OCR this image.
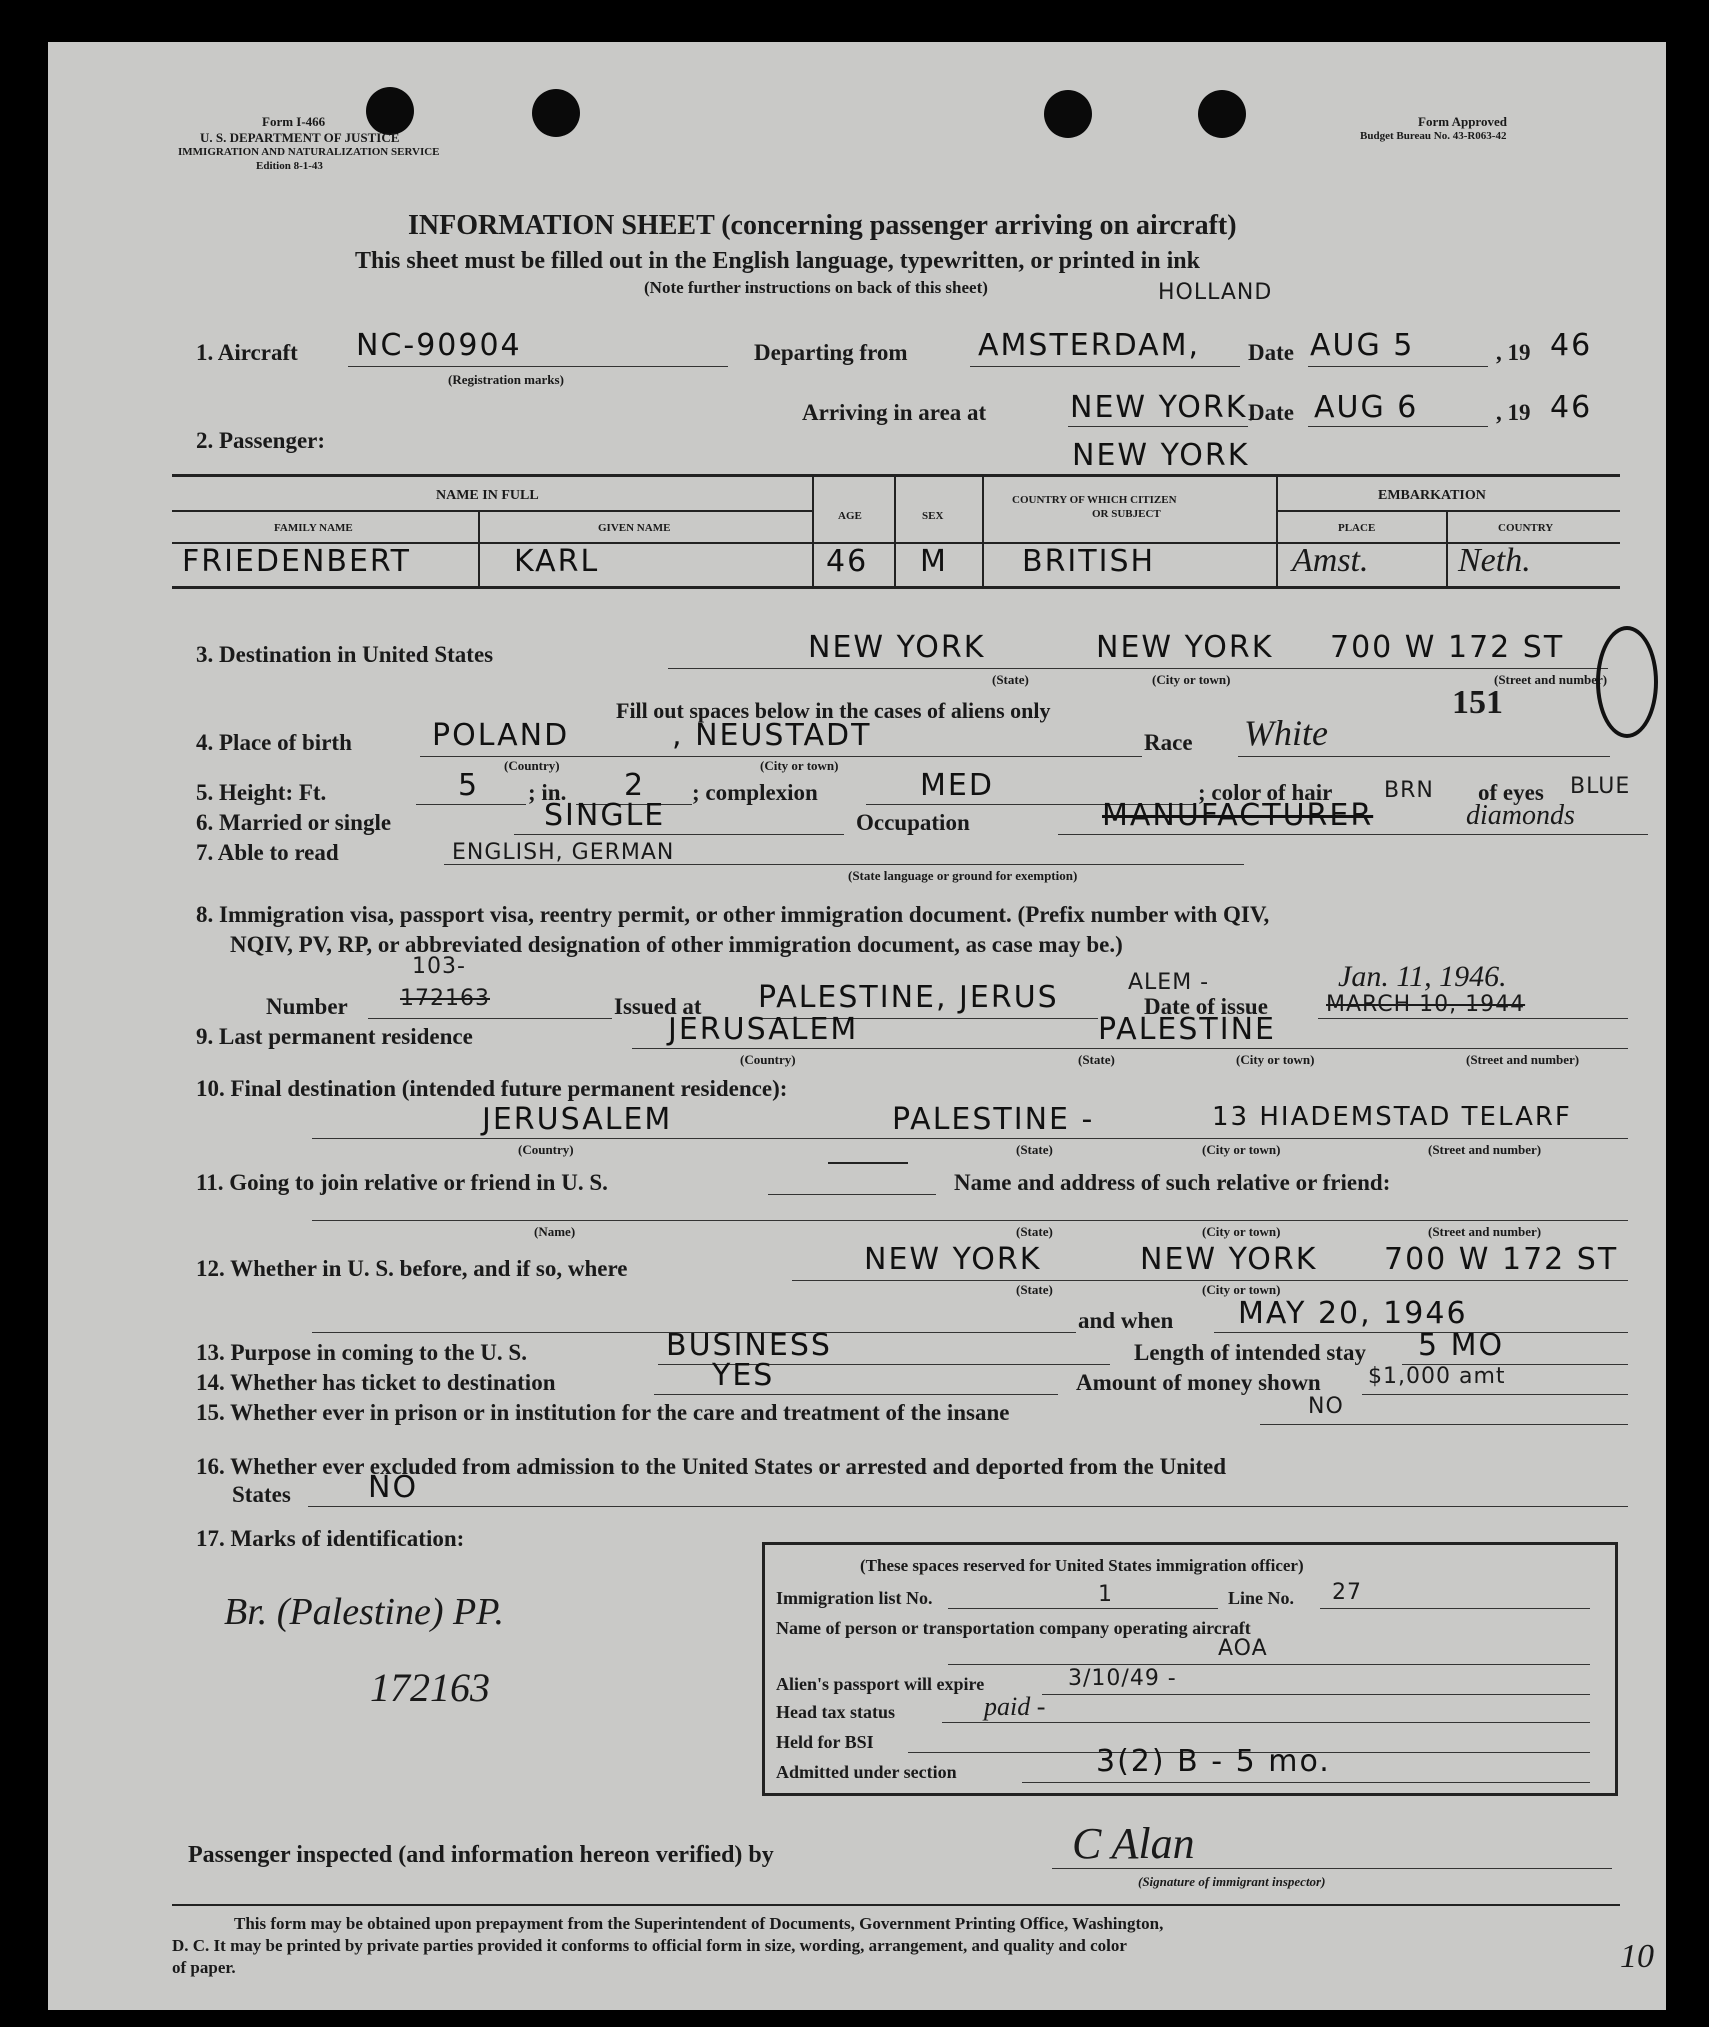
Form I-466
U. S. DEPARTMENT OF JUSTICE
IMMIGRATION AND NATURALIZATION SERVICE
Edition 8-1-43
Form Approved
Budget Bureau No. 43-R063-42
INFORMATION SHEET (concerning passenger arriving on aircraft)
This sheet must be filled out in the English language, typewritten, or printed in ink
(Note further instructions on back of this sheet)	HOLLAND
1. Aircraft NC-90904
(Registration marks)
Departing from AMSTERDAM, Date AUG 5	, 19 46
2. Passenger:
Arriving in area at	NEW YORK,
Date AUG 6	, 19 46
NEW YORK
NAME IN FULL
FAMILY NAME	GIVEN NAME
AGE	SEX
COUNTRY OF WHICH CITIZEN
OR SUBJECT
EMBARKATION
PLACE	COUNTRY
FRIEDENBERT	KARL	46 M BRITISH	Amst.	Neth.
3. Destination in United States	NEW YORK	NEW YORK 700 W 172 ST
(State)	(City or town)	(Street and number)
Fill out spaces below in the cases of aliens only	151
4. Place of birth	POLAND	, NEUSTADT
(Country)	(City or town)
Race White
5. Height: Ft.	5 ; in. 2 ; complexion	MED	; color of hair BRN of eyes BLUE
6. Married or single	SINGLE	Occupation	MANUFACTURER	diamonds
7. Able to read	ENGLISH, GERMAN
(State language or ground for exemption)
8. Immigration visa, passport visa, reentry permit, or other immigration document. (Prefix number with QIV,
NQIV, PV, RP, or abbreviated designation of other immigration document, as case may be.)
Number
103-
172163	Issued at PALESTINE, JERUS	ALEM -
Date of issue
Jan. 11, 1946.
MARCH 10, 1944
9. Last permanent residence	JERUSALEM	PALESTINE
(Country)	(State)	(City or town)	(Street and number)
10. Final destination (intended future permanent residence):
JERUSALEM	PALESTINE -	13 HIADEMSTAD TELARF
(Country)	(State)	(City or town)	(Street and number)
11. Going to join relative or friend in U. S.	Name and address of such relative or friend:
(Name)	(State)	(City or town)	(Street and number)
12. Whether in U. S. before, and if so, where	NEW YORK	NEW YORK 700 W 172 ST
(State)	(City or town)
and when MAY 20, 1946
13. Purpose in coming to the U. S.	BUSINESS	Length of intended stay 5 MO
14. Whether has ticket to destination	YES	Amount of money shown $1,000 amt
15. Whether ever in prison or in institution for the care and treatment of the insane	NO
16. Whether ever excluded from admission to the United States or arrested and deported from the United
States	NO
17. Marks of identification:
Br. (Palestine) PP.
172163
(These spaces reserved for United States immigration officer)
Immigration list No.	1	Line No. 27
Name of person or transportation company operating aircraft
AOA
Alien's passport will expire	3/10/49 -
Head tax status	paid -
Held for BSI
Admitted under section	3(2) B - 5 mo.
Passenger inspected (and information hereon verified) by	C Alan
(Signature of immigrant inspector)
This form may be obtained upon prepayment from the Superintendent of Documents, Government Printing Office, Washington,
D. C. It may be printed by private parties provided it conforms to official form in size, wording, arrangement, and quality and color
of paper.	10
